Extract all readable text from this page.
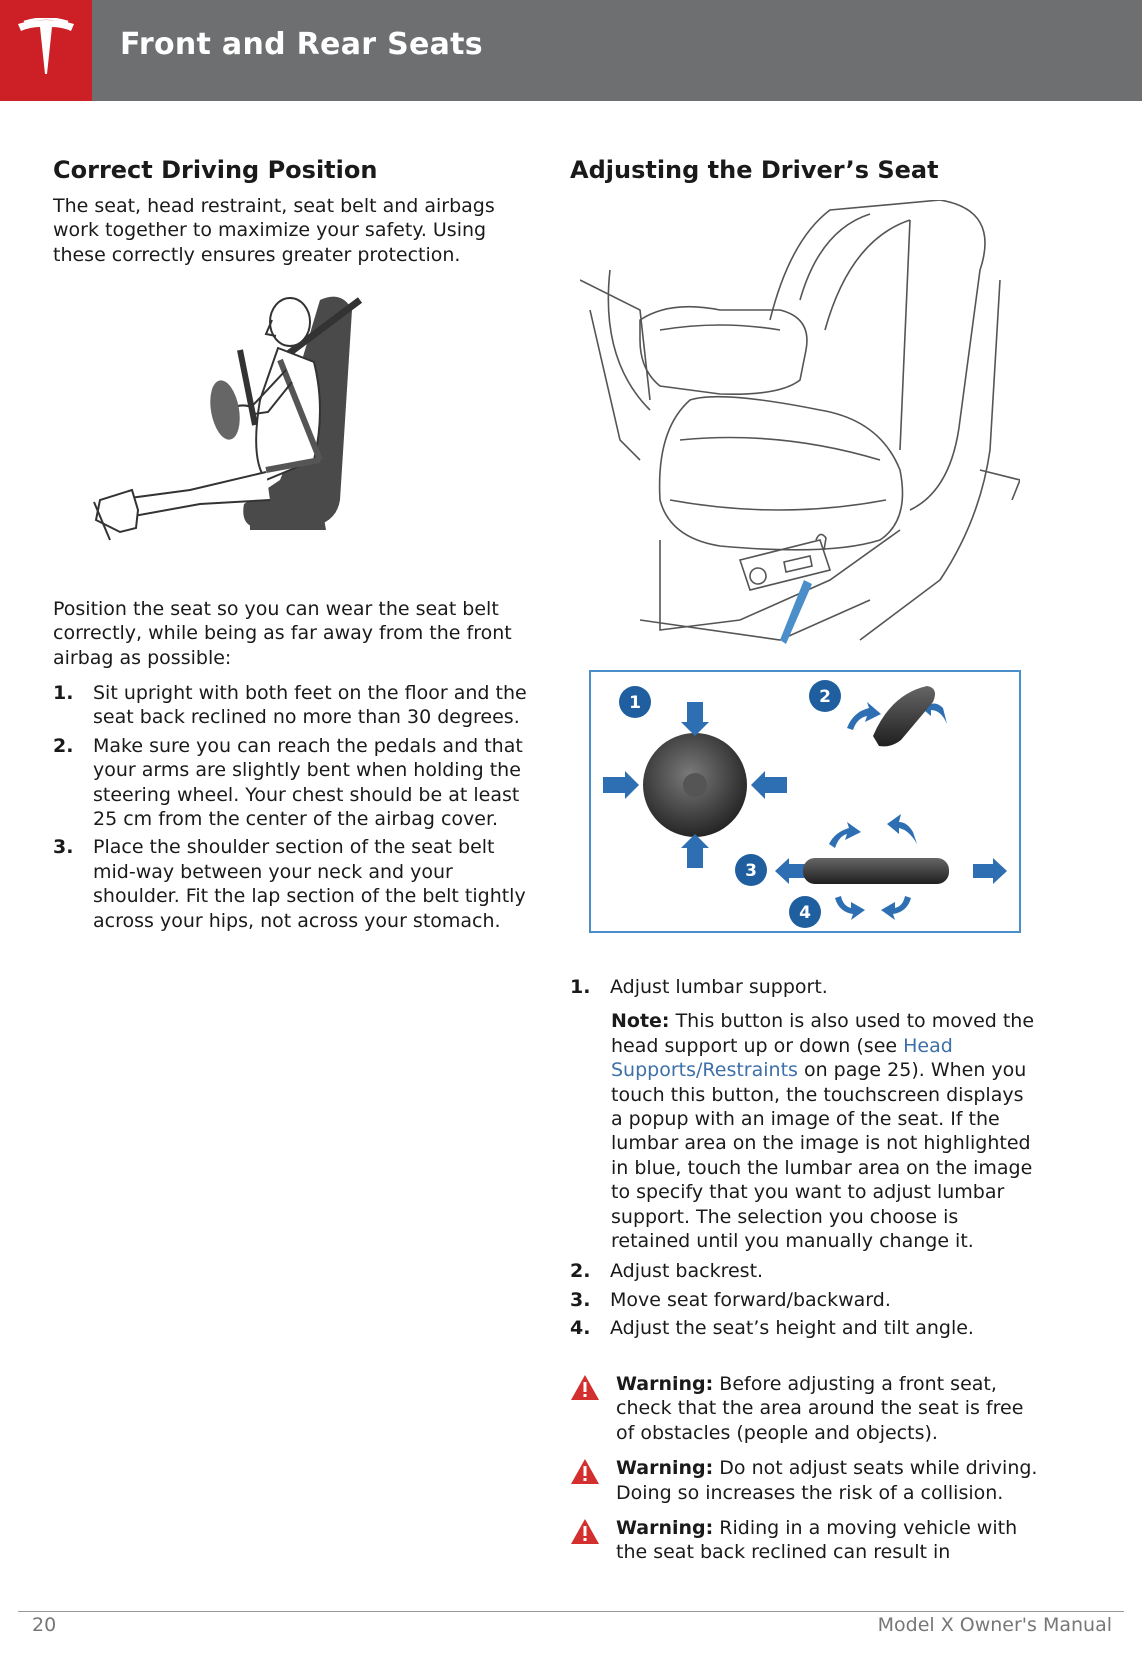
Front and Rear Seats
Correct Driving Position

The seat, head restraint, seat belt and airbags work together to maximize your safety. Using these correctly ensures greater protection.

Position the seat so you can wear the seat belt correctly, while being as far away from the front airbag as possible:

1. Sit upright with both feet on the floor and the seat back reclined no more than 30 degrees.
2. Make sure you can reach the pedals and that your arms are slightly bent when holding the steering wheel. Your chest should be at least 25 cm from the center of the airbag cover.
3. Place the shoulder section of the seat belt mid-way between your neck and your shoulder. Fit the lap section of the belt tightly across your hips, not across your stomach.
Adjusting the Driver’s Seat
1	2
3
4
1. Adjust lumbar support.

Note: This button is also used to moved the head support up or down (see Head Supports/Restraints on page 25). When you touch this button, the touchscreen displays a popup with an image of the seat. If the lumbar area on the image is not highlighted in blue, touch the lumbar area on the image to specify that you want to adjust lumbar support. The selection you choose is retained until you manually change it.

2. Adjust backrest.
3. Move seat forward/backward.
4. Adjust the seat’s height and tilt angle.
Warning: Before adjusting a front seat, check that the area around the seat is free of obstacles (people and objects).
Warning: Do not adjust seats while driving. Doing so increases the risk of a collision.
Warning: Riding in a moving vehicle with the seat back reclined can result in
20	Model X Owner's Manual
